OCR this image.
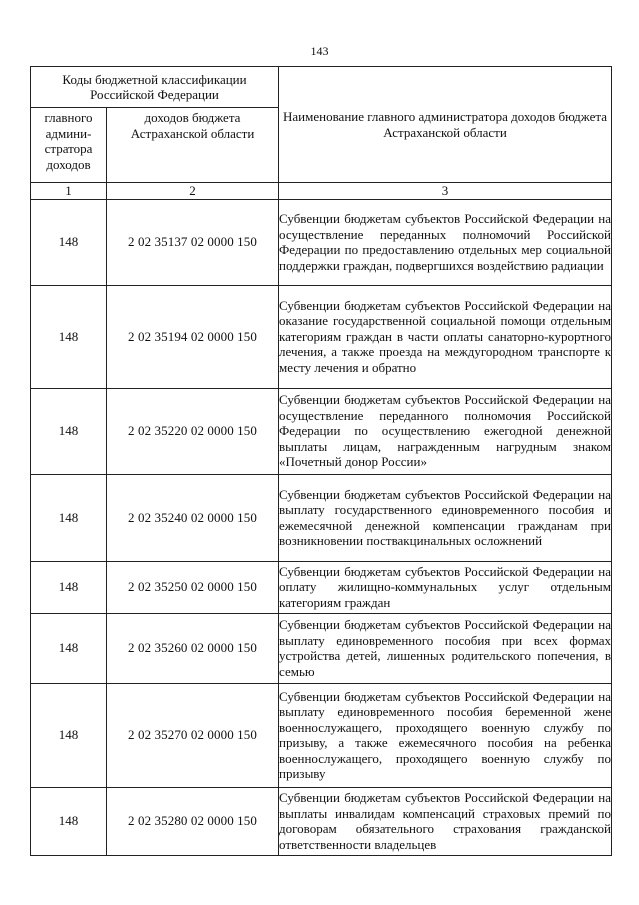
143
Коды бюджетной классификации Российской Федерации		Наименование главного администратора доходов бюджета Астраханской области
главного админи-стратора доходов	доходов бюджета Астраханской области	
1	2	3
148	2 02 35137 02 0000 150	Субвенции бюджетам субъектов Российской Федерации на осуществление переданных полномочий Российской Федерации по предоставлению отдельных мер социальной поддержки граждан, подвергшихся воздействию радиации
148	2 02 35194 02 0000 150	Субвенции бюджетам субъектов Российской Федерации на оказание государственной социальной помощи отдельным категориям граждан в части оплаты санаторно-курортного лечения, а также проезда на междугородном транспорте к месту лечения и обратно
148	2 02 35220 02 0000 150	Субвенции бюджетам субъектов Российской Федерации на осуществление переданного полномочия Российской Федерации по осуществлению ежегодной денежной выплаты лицам, награжденным нагрудным знаком «Почетный донор России»
148	2 02 35240 02 0000 150	Субвенции бюджетам субъектов Российской Федерации на выплату государственного единовременного пособия и ежемесячной денежной компенсации гражданам при возникновении поствакцинальных осложнений
148	2 02 35250 02 0000 150	Субвенции бюджетам субъектов Российской Федерации на оплату жилищно-коммунальных услуг отдельным категориям граждан
148	2 02 35260 02 0000 150	Субвенции бюджетам субъектов Российской Федерации на выплату единовременного пособия при всех формах устройства детей, лишенных родительского попечения, в семью
148	2 02 35270 02 0000 150	Субвенции бюджетам субъектов Российской Федерации на выплату единовременного пособия беременной жене военнослужащего, проходящего военную службу по призыву, а также ежемесячного пособия на ребенка военнослужащего, проходящего военную службу по призыву
148	2 02 35280 02 0000 150	Субвенции бюджетам субъектов Российской Федерации на выплаты инвалидам компенсаций страховых премий по договорам обязательного страхования гражданской ответственности владельцев
